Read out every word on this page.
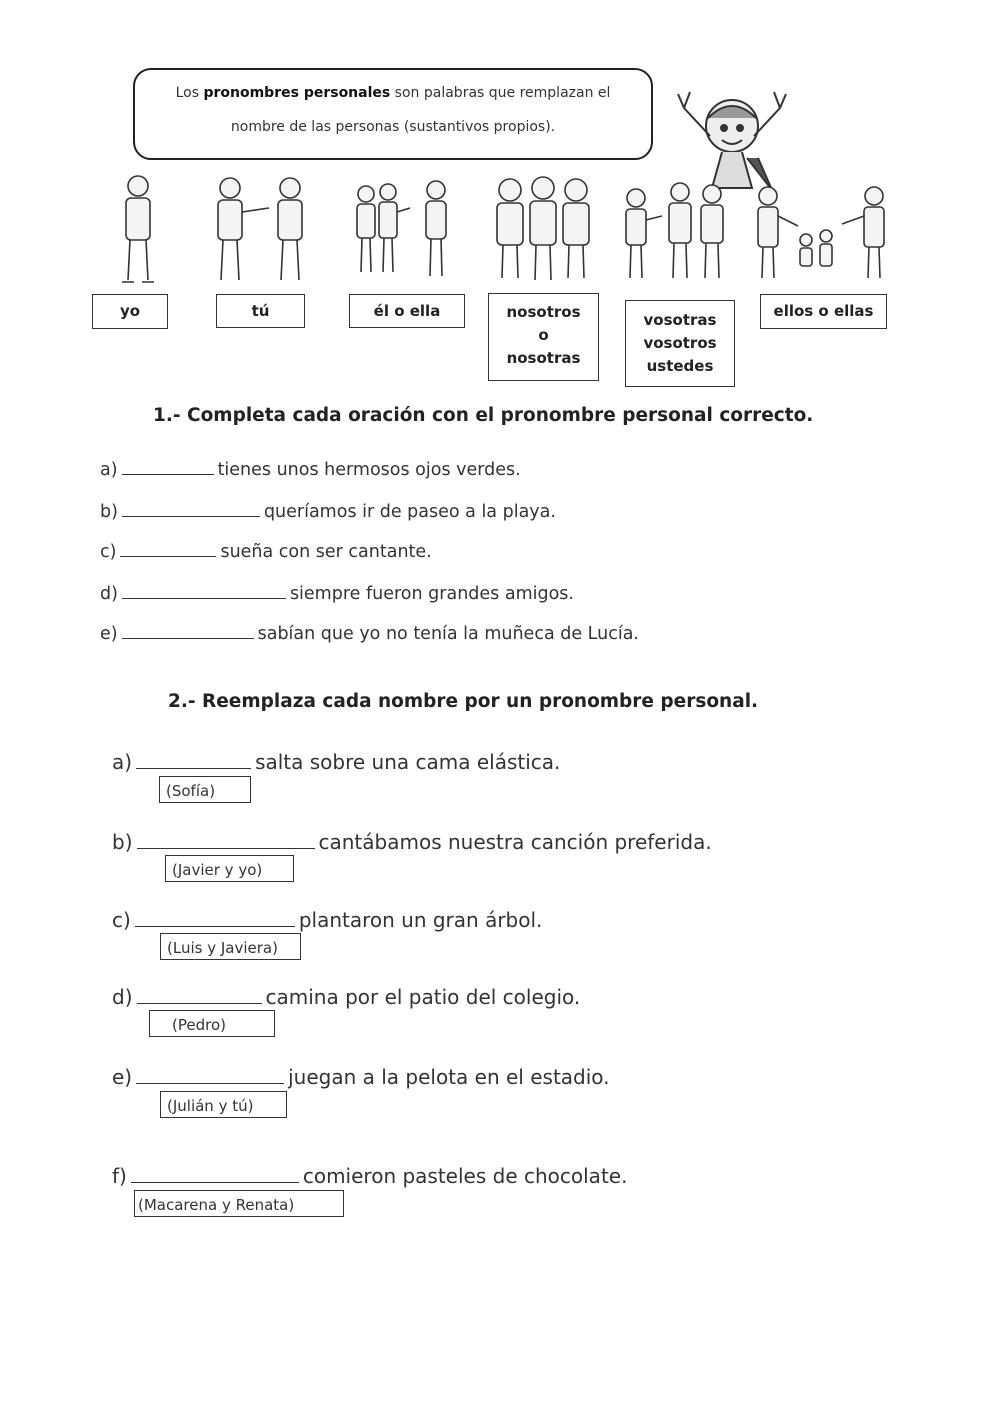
Los pronombres personales son palabras que remplazan el
nombre de las personas (sustantivos propios).
yo	tú	él o ella	nosotros
o
nosotras
vosotras
vosotros
ustedes
ellos o ellas
1.- Completa cada oración con el pronombre personal correcto.
a)	tienes unos hermosos ojos verdes.
b)	queríamos ir de paseo a la playa.
c)	sueña con ser cantante.
d)	siempre fueron grandes amigos.
e)	sabían que yo no tenía la muñeca de Lucía.
2.- Reemplaza cada nombre por un pronombre personal.
a)	salta sobre una cama elástica.
(Sofía)
b)	cantábamos nuestra canción preferida.
(Javier y yo)
c)	plantaron un gran árbol.
(Luis y Javiera)
d)	camina por el patio del colegio.
(Pedro)
e)	juegan a la pelota en el estadio.
(Julián y tú)
f)	comieron pasteles de chocolate.
(Macarena y Renata)
